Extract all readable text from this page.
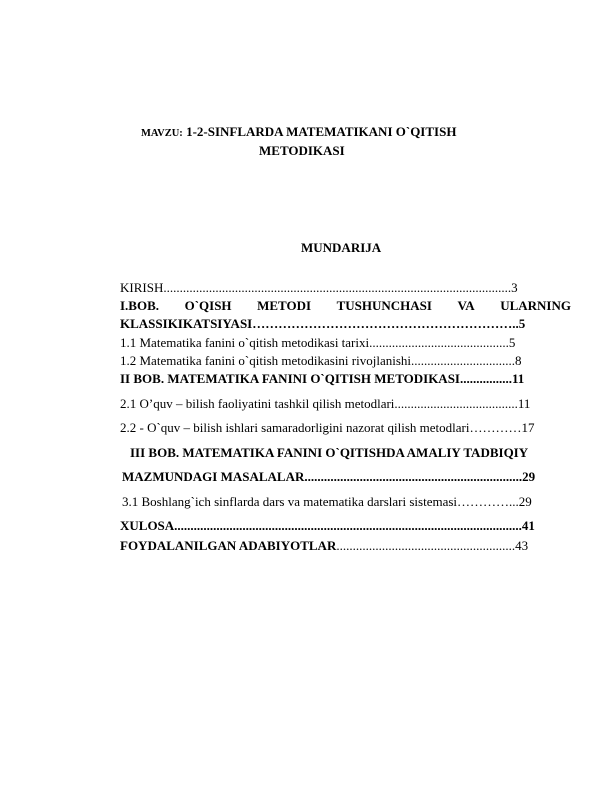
MAVZU: 1-2-SINFLARDA MATEMATIKANI O`QITISH
METODIKASI
MUNDARIJA
KIRISH...........................................................................................................3
I.BOB. O`QISH METODI TUSHUNCHASI VA ULARNING
KLASSIKIKATSIYASI……………………………………………………..5
1.1 Matematika fanini o`qitish metodikasi tarixi...........................................5
1.2 Matematika fanini o`qitish metodikasini rivojlanishi................................8
II BOB. MATEMATIKA FANINI O`QITISH METODIKASI................11
2.1 O’quv – bilish faoliyatini tashkil qilish metodlari......................................11
2.2 - O`quv – bilish ishlari samaradorligini nazorat qilish metodlari…………17
III BOB. MATEMATIKA FANINI O`QITISHDA AMALIY TADBIQIY
MAZMUNDAGI MASALALAR...................................................................29
3.1 Boshlang`ich sinflarda dars va matematika darslari sistemasi…………...29
XULOSA...........................................................................................................41
FOYDALANILGAN ADABIYOTLAR.......................................................43
